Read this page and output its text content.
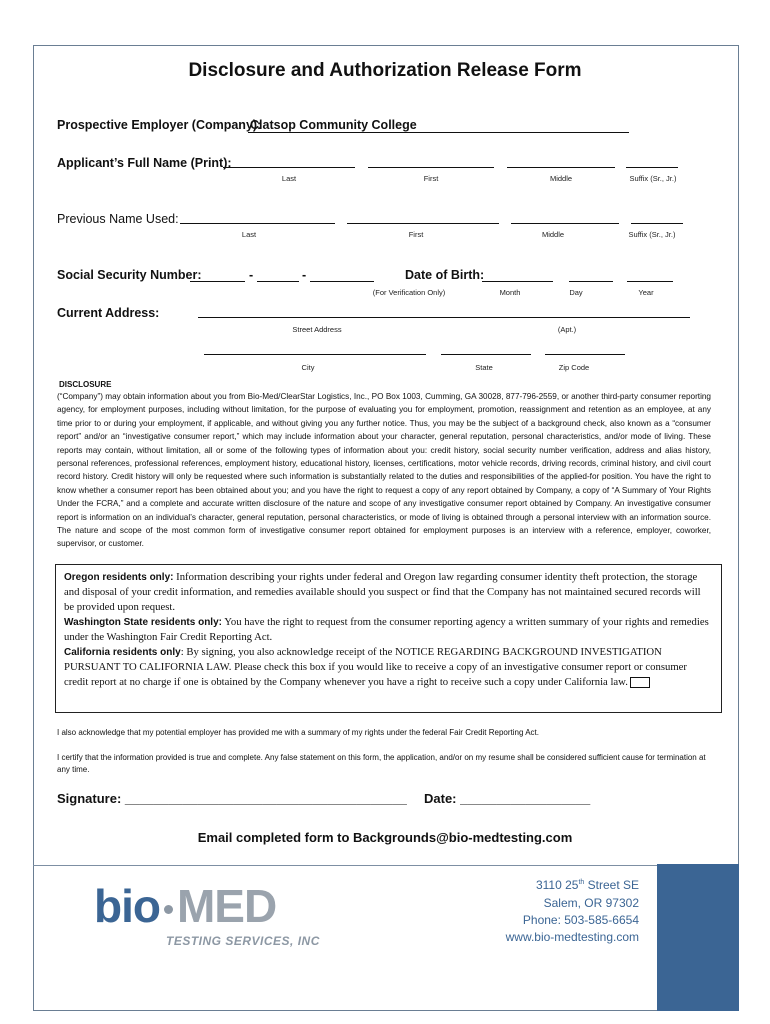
Disclosure and Authorization Release Form
Prospective Employer (Company):
Clatsop Community College
Applicant’s Full Name (Print):
Last	First	Middle	Suffix (Sr., Jr.)
Previous Name Used:
Last	First	Middle	Suffix (Sr., Jr.)
Social Security Number:	-	-
(For Verification Only)
Date of Birth:
Month	Day	Year
Current Address:
Street Address	(Apt.)
City	State	Zip Code
DISCLOSURE
(“Company”) may obtain information about you from Bio-Med/ClearStar Logistics, Inc., PO Box 1003, Cumming, GA 30028, 877-796-2559, or another third-party consumer reporting agency, for employment purposes, including without limitation, for the purpose of evaluating you for employment, promotion, reassignment and retention as an employee, at any time prior to or during your employment, if applicable, and without giving you any further notice. Thus, you may be the subject of a background check, also known as a “consumer report” and/or an “investigative consumer report,” which may include information about your character, general reputation, personal characteristics, and/or mode of living. These reports may contain, without limitation, all or some of the following types of information about you: credit history, social security number verification, address and alias history, personal references, professional references, employment history, educational history, licenses, certifications, motor vehicle records, driving records, criminal history, and civil court record history. Credit history will only be requested where such information is substantially related to the duties and responsibilities of the applied-for position. You have the right to know whether a consumer report has been obtained about you; and you have the right to request a copy of any report obtained by Company, a copy of “A Summary of Your Rights Under the FCRA,” and a complete and accurate written disclosure of the nature and scope of any investigative consumer report obtained by Company. An investigative consumer report is information on an individual’s character, general reputation, personal characteristics, or mode of living is obtained through a personal interview with an information source. The nature and scope of the most common form of investigative consumer report obtained for employment purposes is an interview with a reference, employer, coworker, supervisor, or customer.

Oregon residents only: Information describing your rights under federal and Oregon law regarding consumer identity theft protection, the storage and disposal of your credit information, and remedies available should you suspect or find that the Company has not maintained secured records will be provided upon request.

Washington State residents only: You have the right to request from the consumer reporting agency a written summary of your rights and remedies under the Washington Fair Credit Reporting Act.

California residents only: By signing, you also acknowledge receipt of the NOTICE REGARDING BACKGROUND INVESTIGATION PURSUANT TO CALIFORNIA LAW. Please check this box if you would like to receive a copy of an investigative consumer report or consumer credit report at no charge if one is obtained by the Company whenever you have a right to receive such a copy under California law.

I also acknowledge that my potential employer has provided me with a summary of my rights under the federal Fair Credit Reporting Act.
I certify that the information provided is true and complete. Any false statement on this form, the application, and/or on my resume shall be considered sufficient cause for termination at any time.
Signature: _______________________________________ Date: __________________
Email completed form to Backgrounds@bio-medtesting.com
bio MED
TESTING SERVICES, INC
3110 25th Street SE
Salem, OR 97302
Phone: 503-585-6654
www.bio-medtesting.com
